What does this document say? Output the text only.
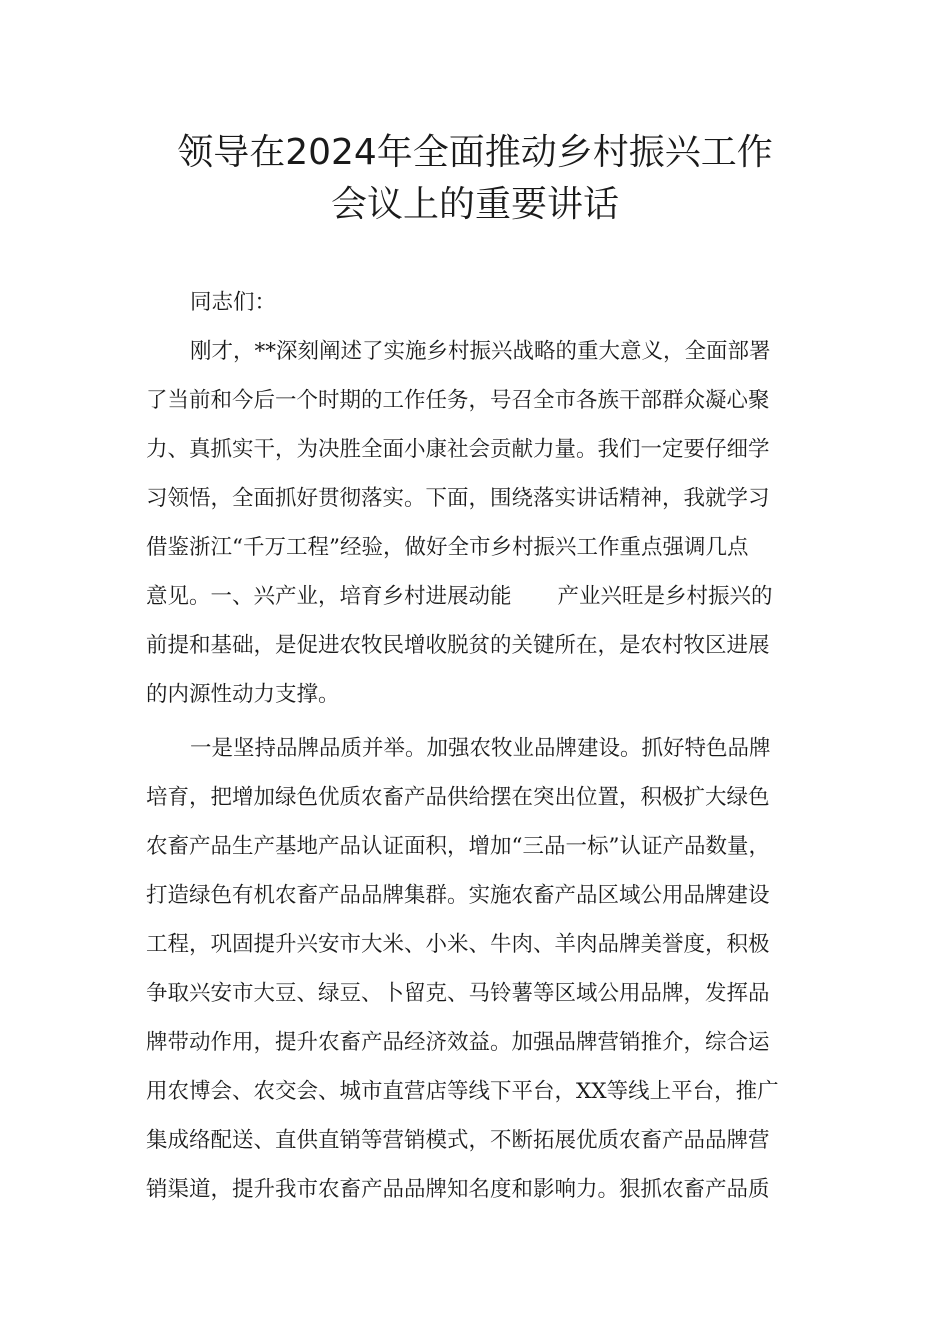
领导在2024年全面推动乡村振兴工作
会议上的重要讲话
同志们：
刚才，**深刻阐述了实施乡村振兴战略的重大意义，全面部署
了当前和今后一个时期的工作任务，号召全市各族干部群众凝心聚
力、真抓实干，为决胜全面小康社会贡献力量。我们一定要仔细学
习领悟，全面抓好贯彻落实。下面，围绕落实讲话精神，我就学习
借鉴浙江“千万工程”经验，做好全市乡村振兴工作重点强调几点
意见。一、兴产业，培育乡村进展动能 产业兴旺是乡村振兴的
前提和基础，是促进农牧民增收脱贫的关键所在，是农村牧区进展
的内源性动力支撑。
一是坚持品牌品质并举。加强农牧业品牌建设。抓好特色品牌
培育，把增加绿色优质农畜产品供给摆在突出位置，积极扩大绿色
农畜产品生产基地产品认证面积，增加“三品一标”认证产品数量，
打造绿色有机农畜产品品牌集群。实施农畜产品区域公用品牌建设
工程，巩固提升兴安市大米、小米、牛肉、羊肉品牌美誉度，积极
争取兴安市大豆、绿豆、卜留克、马铃薯等区域公用品牌，发挥品
牌带动作用，提升农畜产品经济效益。加强品牌营销推介，综合运
用农博会、农交会、城市直营店等线下平台，XX等线上平台，推广
集成络配送、直供直销等营销模式，不断拓展优质农畜产品品牌营
销渠道，提升我市农畜产品品牌知名度和影响力。狠抓农畜产品质
